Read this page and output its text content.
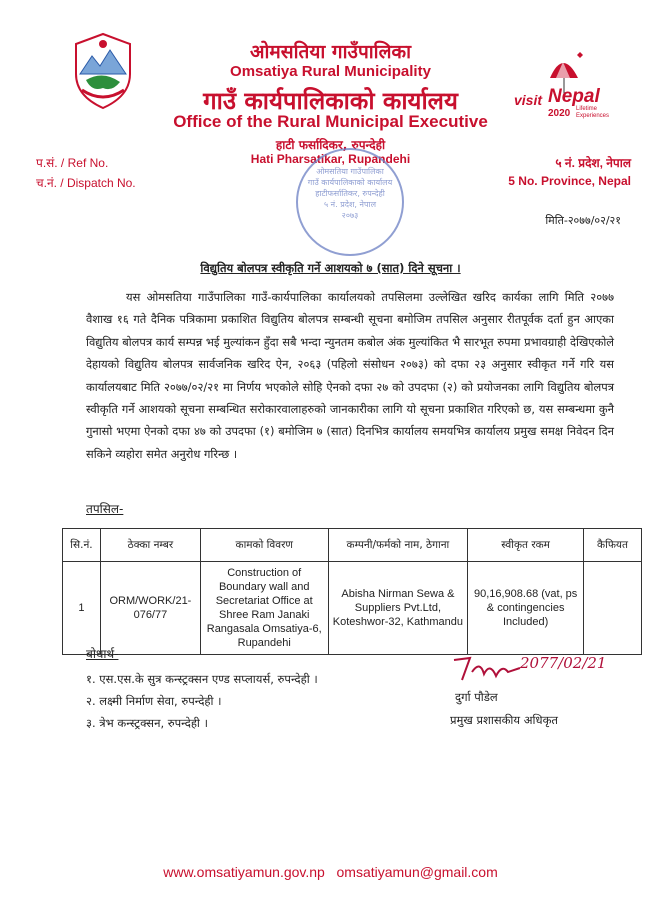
visit Nepal
2020 Lifetime Experiences
ओमसतिया गाउँपालिका
Omsatiya Rural Municipality
गाउँ कार्यपालिकाको कार्यालय
Office of the Rural Municipal Executive
हाटी फर्सादिकर, रुपन्देही
Hati Pharsatikar, Rupandehi
प.सं. / Ref No.
च.नं. / Dispatch No.
५ नं. प्रदेश, नेपाल
5 No. Province, Nepal
ओमसतिया गाउँपालिका
गाउँ कार्यपालिकाको कार्यालय
हाटीफर्सातिकर, रुपन्देही
५ नं. प्रदेश, नेपाल
२०७३	मिति-२०७७/०२/२१
विद्युतिय बोलपत्र स्वीकृति गर्ने आशयको ७ (सात) दिने सूचना ।
यस ओमसतिया गाउँपालिका गाउँ-कार्यपालिका कार्यालयको तपसिलमा उल्लेखित खरिद कार्यका लागि मिति २०७७ वैशाख १६ गते दैनिक पत्रिकामा प्रकाशित विद्युतिय बोलपत्र सम्बन्धी सूचना बमोजिम तपसिल अनुसार रीतपूर्वक दर्ता हुन आएका विद्युतिय बोलपत्र कार्य सम्पन्न भई मुल्यांकन हुँदा सबै भन्दा न्युनतम कबोल अंक मुल्यांकित भै सारभूत रुपमा प्रभावग्राही देखिएकोले देहायको विद्युतिय बोलपत्र सार्वजनिक खरिद ऐन, २०६३ (पहिलो संसोधन २०७३) को दफा २३ अनुसार स्वीकृत गर्ने गरि यस कार्यालयबाट मिति २०७७/०२/२१ मा निर्णय भएकोले सोहि ऐनको दफा २७ को उपदफा (२) को प्रयोजनका लागि विद्युतिय बोलपत्र स्वीकृति गर्ने आशयको सूचना सम्बन्धित सरोकारवालाहरुको जानकारीका लागि यो सूचना प्रकाशित गरिएको छ, यस सम्बन्धमा कुनै गुनासो भएमा ऐनको दफा ४७ को उपदफा (१) बमोजिम ७ (सात) दिनभित्र कार्यालय समयभित्र कार्यालय प्रमुख समक्ष निवेदन दिन सकिने व्यहोरा समेत अनुरोध गरिन्छ ।
तपसिल-
सि.नं.	ठेक्का नम्बर	कामको विवरण	कम्पनी/फर्मको नाम, ठेगाना	स्वीकृत रकम	कैफियत
1	ORM/WORK/21-076/77	Construction of Boundary wall and Secretariat Office at Shree Ram Janaki Rangasala Omsatiya-6, Rupandehi	Abisha Nirman Sewa & Suppliers Pvt.Ltd, Koteshwor-32, Kathmandu	90,16,908.68 (vat, ps & contingencies Included)	
बोधार्थ-
१. एस.एस.के सुत्र कन्स्ट्रक्सन एण्ड सप्लायर्स, रुपन्देही ।
२. लक्ष्मी निर्माण सेवा, रुपन्देही ।
३. त्रेभ कन्स्ट्रक्सन, रुपन्देही ।
2077/02/21
दुर्गा पौडेल
प्रमुख प्रशासकीय अधिकृत
www.omsatiyamun.gov.np omsatiyamun@gmail.com
